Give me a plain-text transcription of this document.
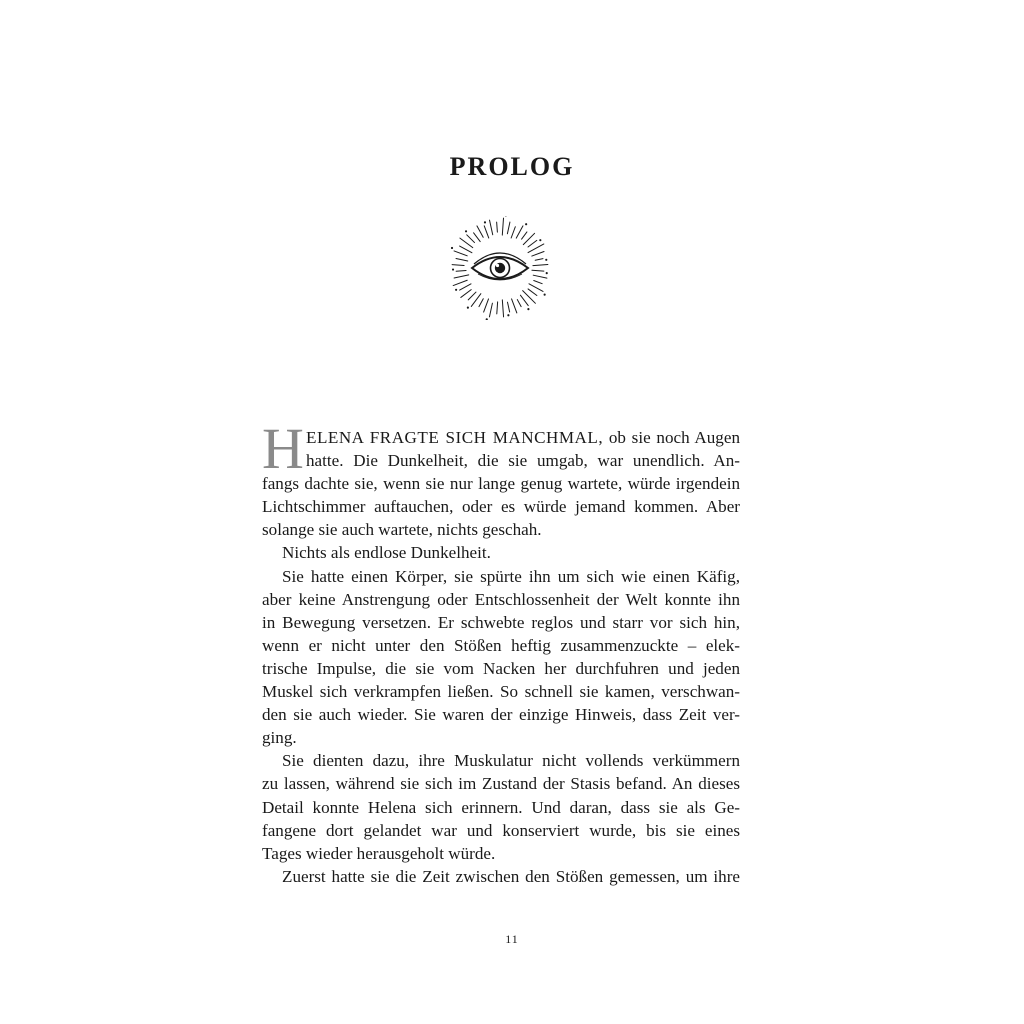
PROLOG
H ELENA FRAGTE SICH MANCHMAL, ob sie noch Augen
hatte. Die Dunkelheit, die sie umgab, war unendlich. An-
fangs dachte sie, wenn sie nur lange genug wartete, würde irgendein
Lichtschimmer auftauchen, oder es würde jemand kommen. Aber
solange sie auch wartete, nichts geschah.
Nichts als endlose Dunkelheit.
Sie hatte einen Körper, sie spürte ihn um sich wie einen Käfig,
aber keine Anstrengung oder Entschlossenheit der Welt konnte ihn
in Bewegung versetzen. Er schwebte reglos und starr vor sich hin,
wenn er nicht unter den Stößen heftig zusammenzuckte – elek-
trische Impulse, die sie vom Nacken her durchfuhren und jeden
Muskel sich verkrampfen ließen. So schnell sie kamen, verschwan-
den sie auch wieder. Sie waren der einzige Hinweis, dass Zeit ver-
ging.
Sie dienten dazu, ihre Muskulatur nicht vollends verkümmern
zu lassen, während sie sich im Zustand der Stasis befand. An dieses
Detail konnte Helena sich erinnern. Und daran, dass sie als Ge-
fangene dort gelandet war und konserviert wurde, bis sie eines
Tages wieder herausgeholt würde.
Zuerst hatte sie die Zeit zwischen den Stößen gemessen, um ihre
11
